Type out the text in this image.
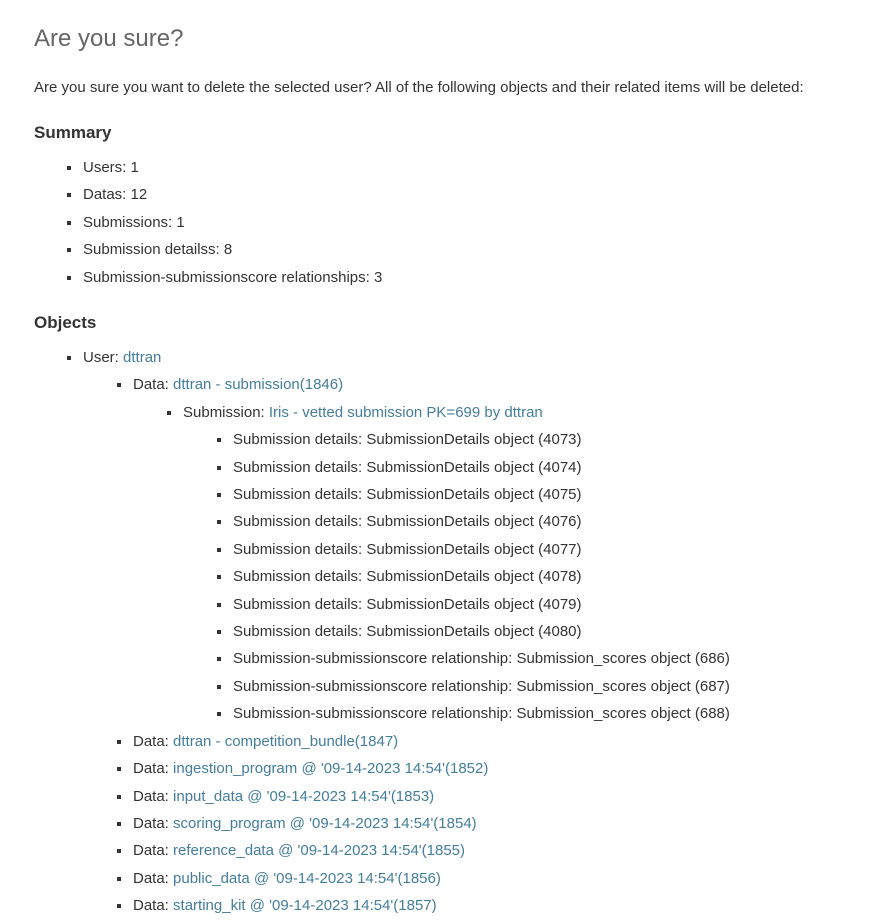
Are you sure?

Are you sure you want to delete the selected user? All of the following objects and their related items will be deleted:

Summary
Users: 1
Datas: 12
Submissions: 1
Submission detailss: 8
Submission-submissionscore relationships: 3
Objects
User: dttran
Data: dttran - submission(1846)
Submission: Iris - vetted submission PK=699 by dttran
Submission details: SubmissionDetails object (4073)
Submission details: SubmissionDetails object (4074)
Submission details: SubmissionDetails object (4075)
Submission details: SubmissionDetails object (4076)
Submission details: SubmissionDetails object (4077)
Submission details: SubmissionDetails object (4078)
Submission details: SubmissionDetails object (4079)
Submission details: SubmissionDetails object (4080)
Submission-submissionscore relationship: Submission_scores object (686)
Submission-submissionscore relationship: Submission_scores object (687)
Submission-submissionscore relationship: Submission_scores object (688)
Data: dttran - competition_bundle(1847)
Data: ingestion_program @ '09-14-2023 14:54'(1852)
Data: input_data @ '09-14-2023 14:54'(1853)
Data: scoring_program @ '09-14-2023 14:54'(1854)
Data: reference_data @ '09-14-2023 14:54'(1855)
Data: public_data @ '09-14-2023 14:54'(1856)
Data: starting_kit @ '09-14-2023 14:54'(1857)
